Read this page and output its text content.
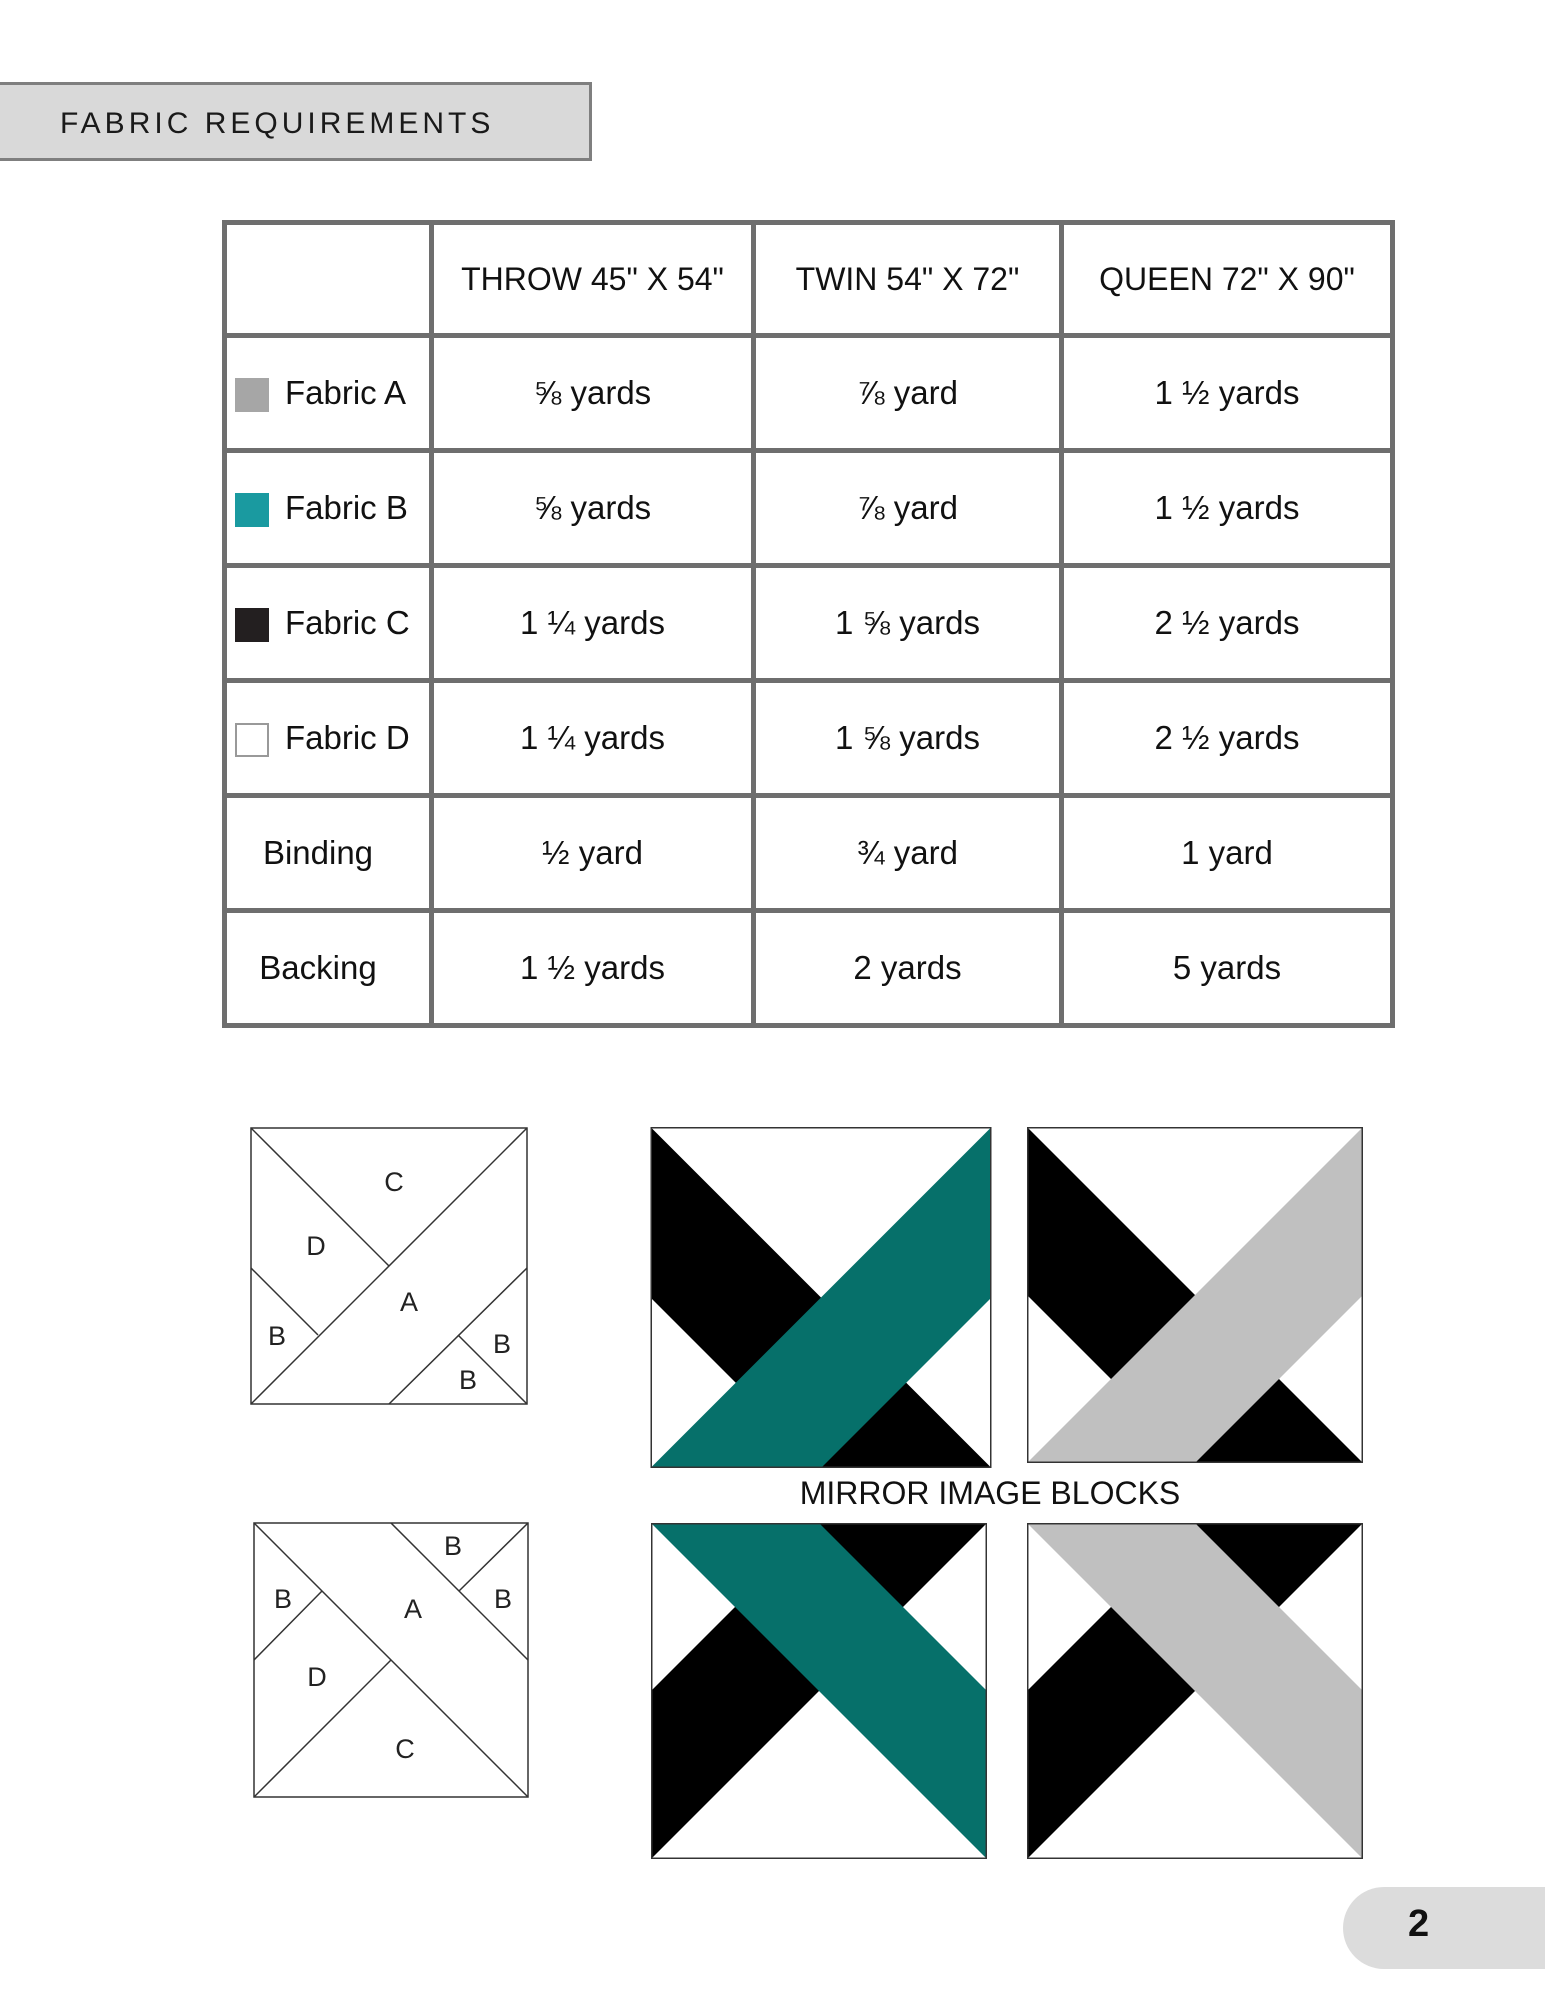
FABRIC REQUIREMENTS
	THROW 45" X 54"	TWIN 54" X 72"	QUEEN 72" X 90"
Fabric A	⅝ yards	⅞ yard	1 ½ yards
Fabric B	⅝ yards	⅞ yard	1 ½ yards
Fabric C	1 ¼ yards	1 ⅝ yards	2 ½ yards
Fabric D	1 ¼ yards	1 ⅝ yards	2 ½ yards

Binding	½ yard	¾ yard	1 yard

Backing	1 ½ yards	2 yards	5 yards
C
D
A
B	B
B
B
B	A	B
D
C
MIRROR IMAGE BLOCKS
2
